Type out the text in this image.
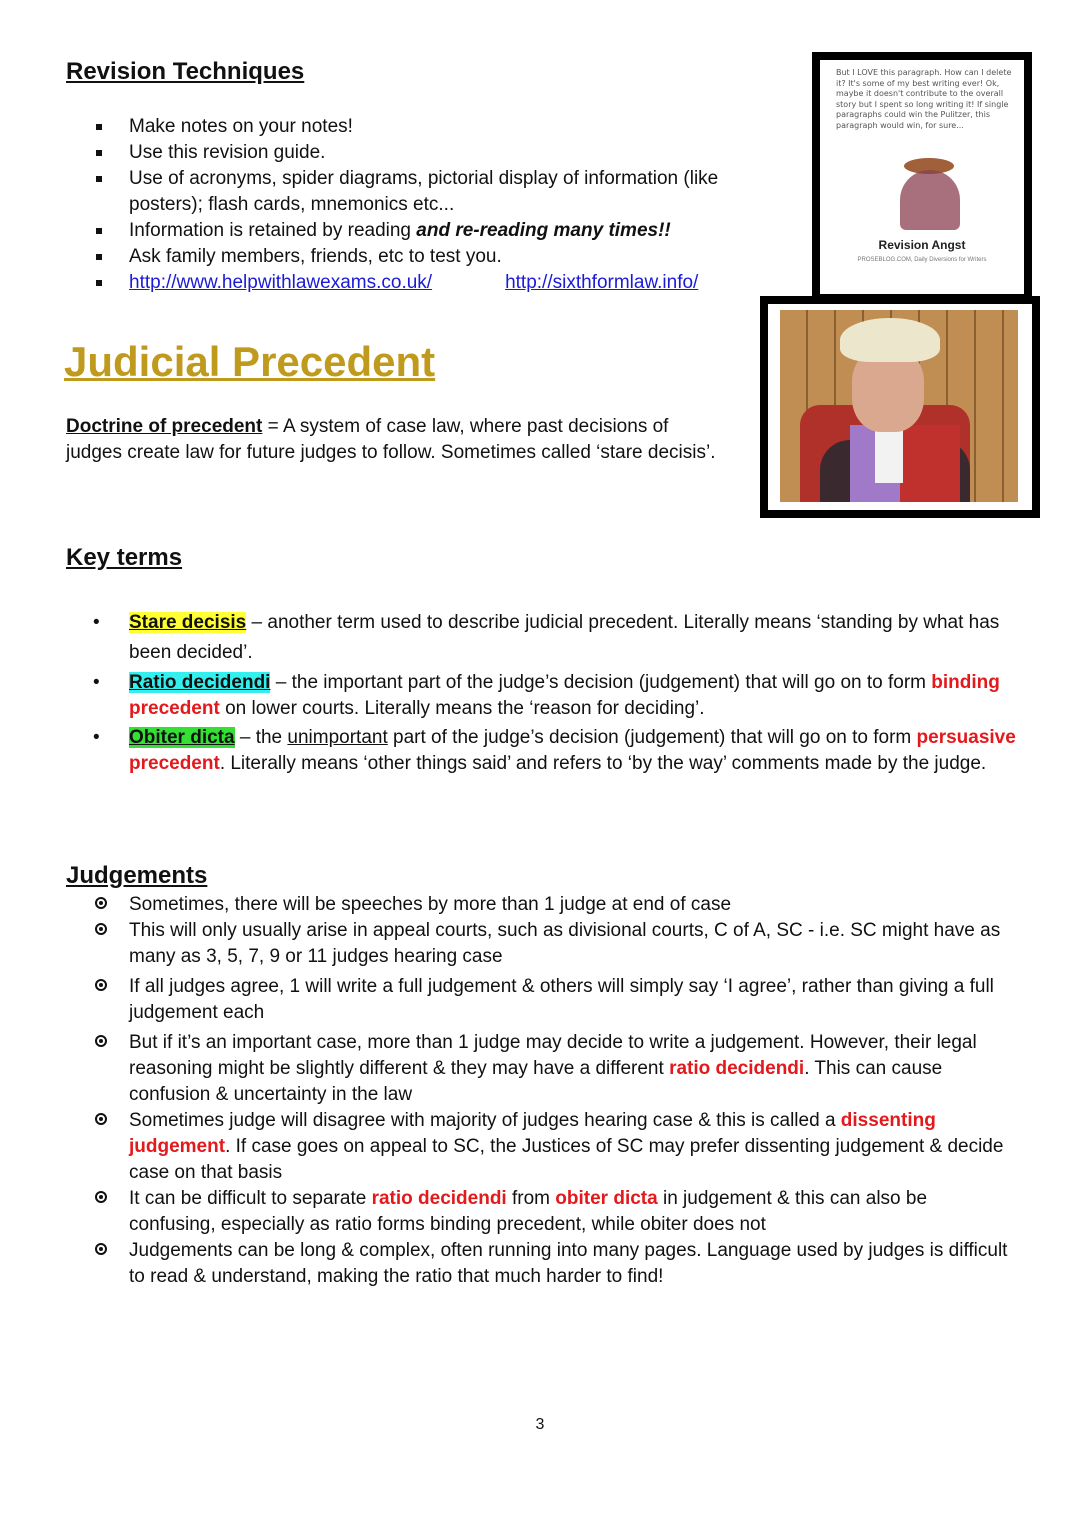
Revision Techniques
Make notes on your notes!
Use this revision guide.
Use of acronyms, spider diagrams, pictorial display of information (like posters); flash cards, mnemonics etc...
Information is retained by reading and re-reading many times!!
Ask family members, friends, etc to test you.
http://www.helpwithlawexams.co.uk/	http://sixthformlaw.info/
But I LOVE this paragraph. How can I delete it? It's some of my best writing ever! Ok, maybe it doesn't contribute to the overall story but I spent so long writing it! If single paragraphs could win the Pulitzer, this paragraph would win, for sure...
Revision Angst
PROSEBLOG.COM, Daily Diversions for Writers
Judicial Precedent

Doctrine of precedent = A system of case law, where past decisions of judges create law for future judges to follow. Sometimes called ‘stare decisis’.

Key terms
• Stare decisis – another term used to describe judicial precedent. Literally means ‘standing by what has been decided’.
• Ratio decidendi – the important part of the judge’s decision (judgement) that will go on to form binding precedent on lower courts. Literally means the ‘reason for deciding’.
• Obiter dicta – the unimportant part of the judge’s decision (judgement) that will go on to form persuasive precedent. Literally means ‘other things said’ and refers to ‘by the way’ comments made by the judge.
Judgements
Sometimes, there will be speeches by more than 1 judge at end of case
This will only usually arise in appeal courts, such as divisional courts, C of A, SC - i.e. SC might have as many as 3, 5, 7, 9 or 11 judges hearing case
If all judges agree, 1 will write a full judgement & others will simply say ‘I agree’, rather than giving a full judgement each
But if it’s an important case, more than 1 judge may decide to write a judgement. However, their legal reasoning might be slightly different & they may have a different ratio decidendi. This can cause confusion & uncertainty in the law
Sometimes judge will disagree with majority of judges hearing case & this is called a dissenting judgement. If case goes on appeal to SC, the Justices of SC may prefer dissenting judgement & decide case on that basis
It can be difficult to separate ratio decidendi from obiter dicta in judgement & this can also be confusing, especially as ratio forms binding precedent, while obiter does not
Judgements can be long & complex, often running into many pages. Language used by judges is difficult to read & understand, making the ratio that much harder to find!
3
